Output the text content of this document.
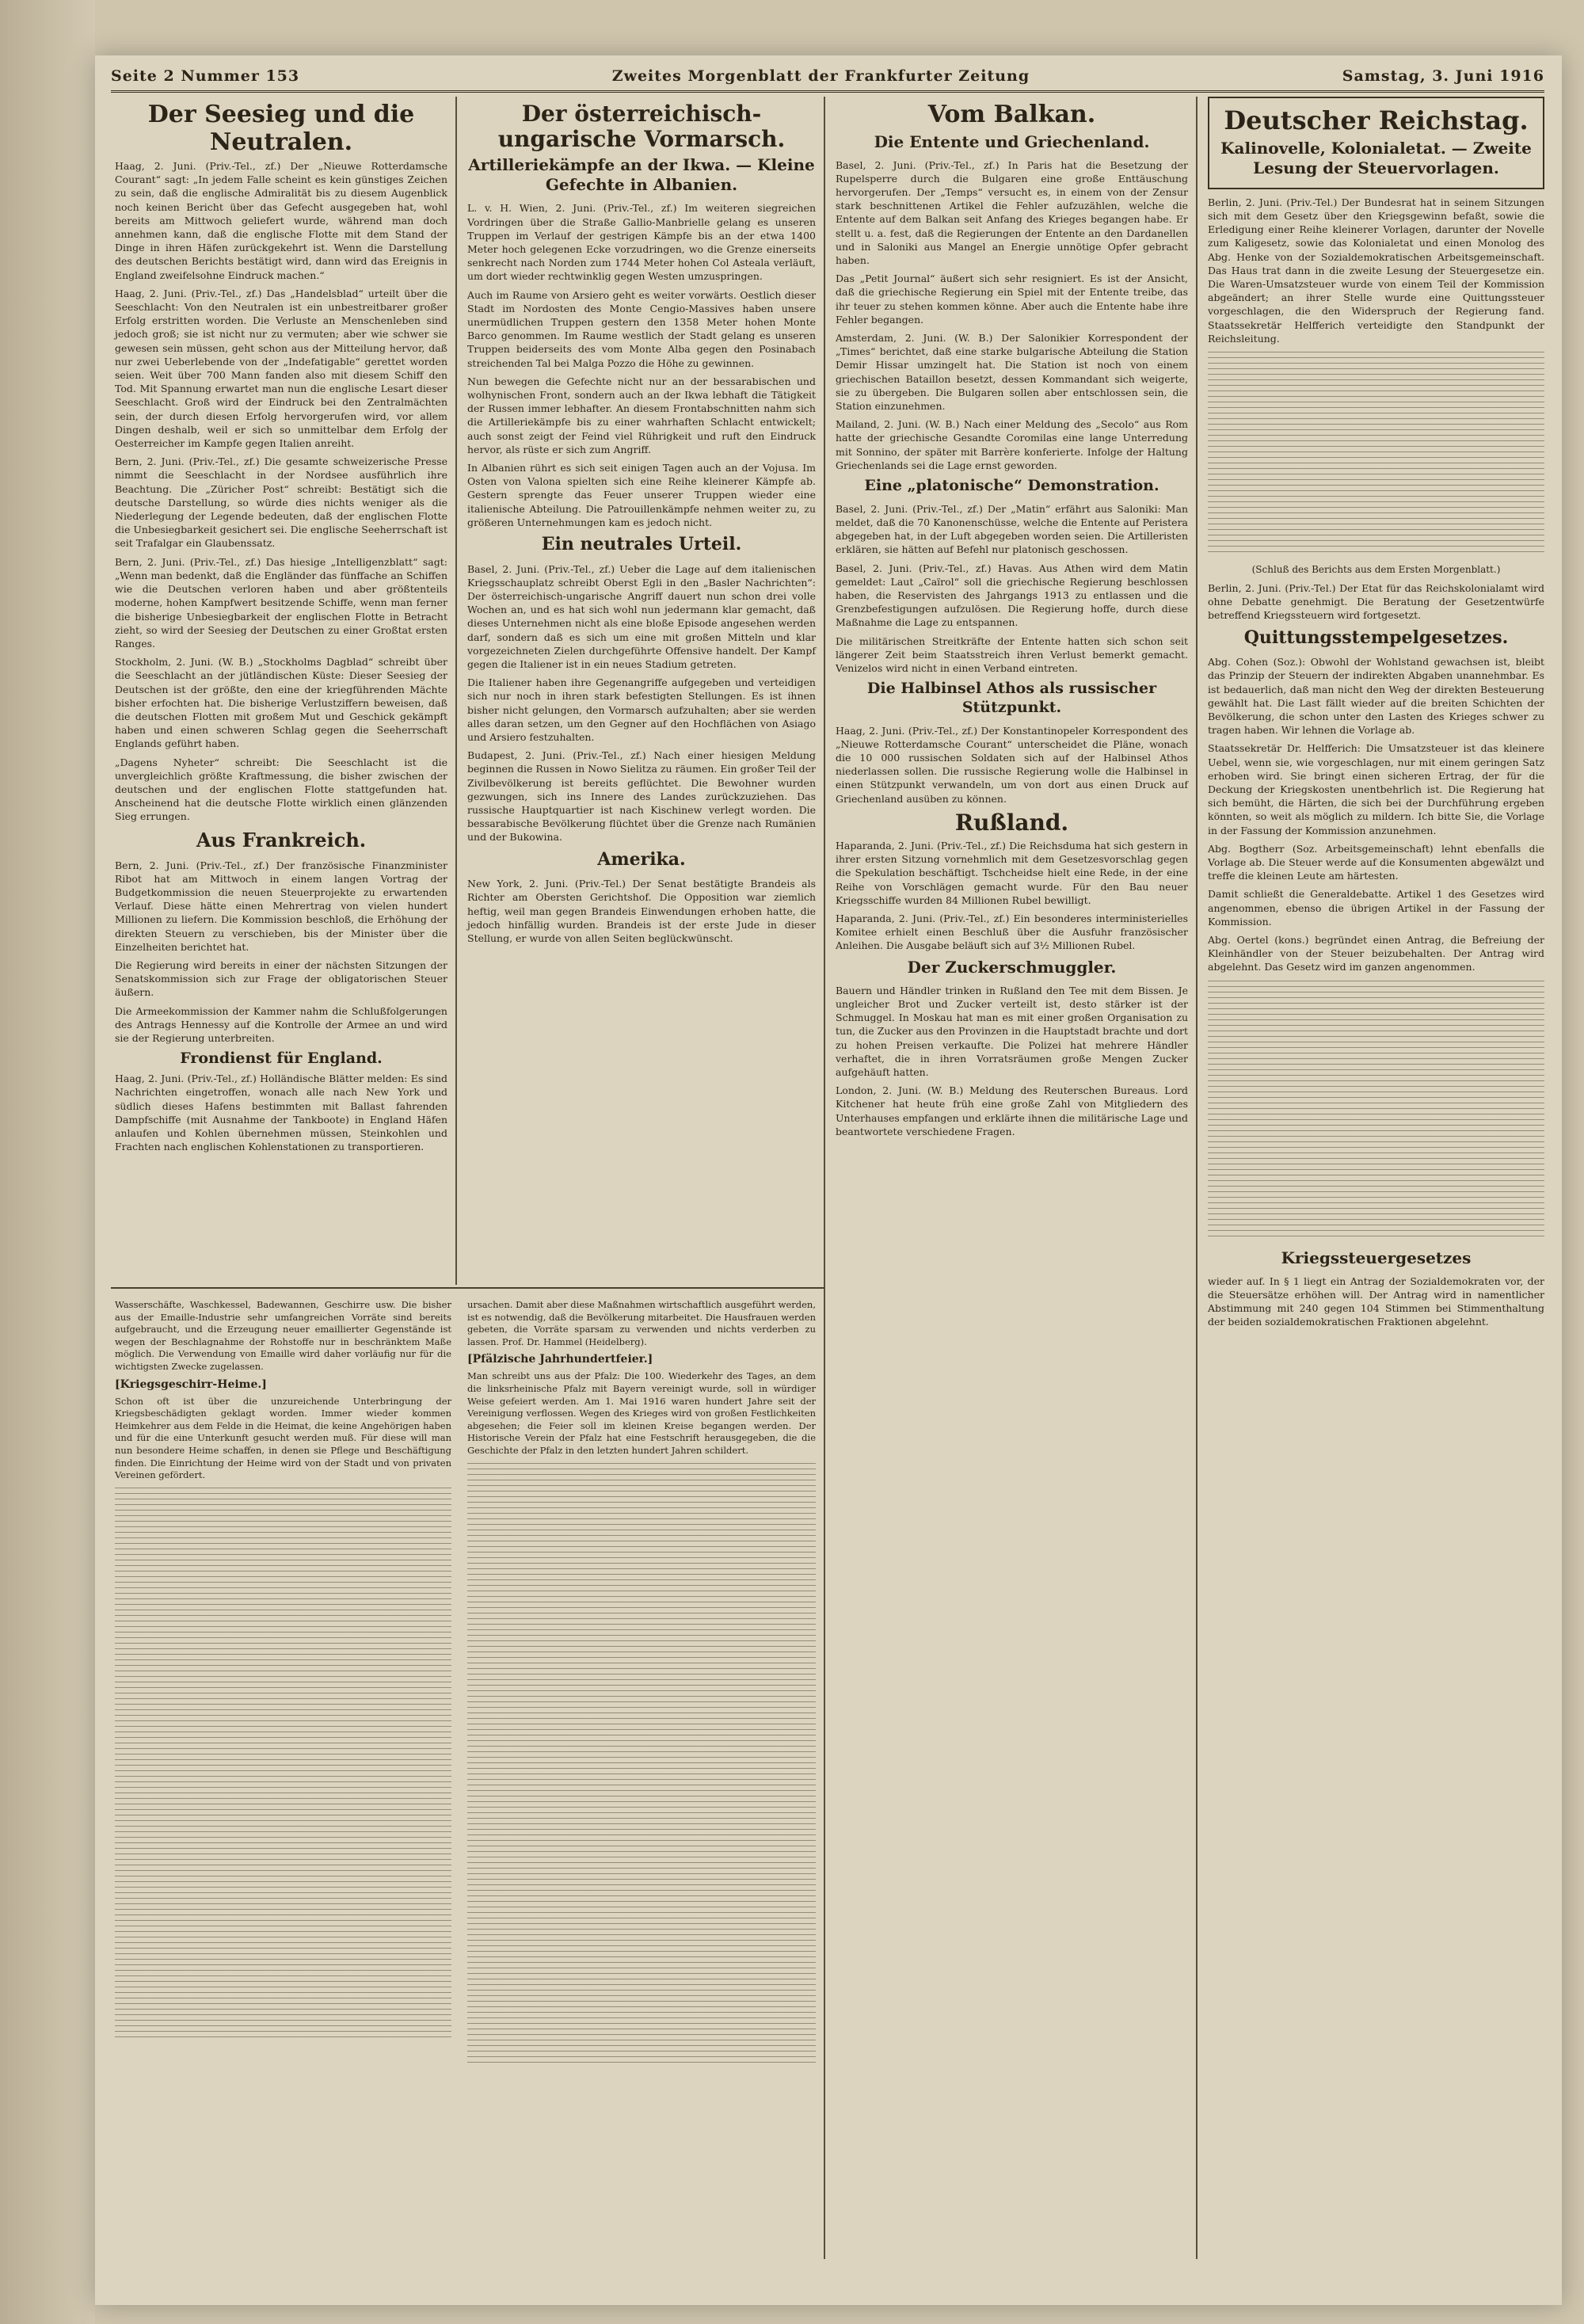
Seite 2 Nummer 153	Zweites Morgenblatt der Frankfurter Zeitung	Samstag, 3. Juni 1916
Der Seesieg und die Neutralen.

Haag, 2. Juni. (Priv.-Tel., zf.) Der „Nieuwe Rotterdamsche Courant“ sagt: „In jedem Falle scheint es kein günstiges Zeichen zu sein, daß die englische Admiralität bis zu diesem Augenblick noch keinen Bericht über das Gefecht ausgegeben hat, wohl bereits am Mittwoch geliefert wurde, während man doch annehmen kann, daß die englische Flotte mit dem Stand der Dinge in ihren Häfen zurückgekehrt ist. Wenn die Darstellung des deutschen Berichts bestätigt wird, dann wird das Ereignis in England zweifelsohne Eindruck machen.“

Haag, 2. Juni. (Priv.-Tel., zf.) Das „Handelsblad“ urteilt über die Seeschlacht: Von den Neutralen ist ein unbestreitbarer großer Erfolg erstritten worden. Die Verluste an Menschenleben sind jedoch groß; sie ist nicht nur zu vermuten; aber wie schwer sie gewesen sein müssen, geht schon aus der Mitteilung hervor, daß nur zwei Ueberlebende von der „Indefatigable“ gerettet worden seien. Weit über 700 Mann fanden also mit diesem Schiff den Tod. Mit Spannung erwartet man nun die englische Lesart dieser Seeschlacht. Groß wird der Eindruck bei den Zentralmächten sein, der durch diesen Erfolg hervorgerufen wird, vor allem Dingen deshalb, weil er sich so unmittelbar dem Erfolg der Oesterreicher im Kampfe gegen Italien anreiht.

Bern, 2. Juni. (Priv.-Tel., zf.) Die gesamte schweizerische Presse nimmt die Seeschlacht in der Nordsee ausführlich ihre Beachtung. Die „Züricher Post“ schreibt: Bestätigt sich die deutsche Darstellung, so würde dies nichts weniger als die Niederlegung der Legende bedeuten, daß der englischen Flotte die Unbesiegbarkeit gesichert sei. Die englische Seeherrschaft ist seit Trafalgar ein Glaubenssatz.

Bern, 2. Juni. (Priv.-Tel., zf.) Das hiesige „Intelligenzblatt“ sagt: „Wenn man bedenkt, daß die Engländer das fünffache an Schiffen wie die Deutschen verloren haben und aber größtenteils moderne, hohen Kampfwert besitzende Schiffe, wenn man ferner die bisherige Unbesiegbarkeit der englischen Flotte in Betracht zieht, so wird der Seesieg der Deutschen zu einer Großtat ersten Ranges.

Stockholm, 2. Juni. (W. B.) „Stockholms Dagblad“ schreibt über die Seeschlacht an der jütländischen Küste: Dieser Seesieg der Deutschen ist der größte, den eine der kriegführenden Mächte bisher erfochten hat. Die bisherige Verlustziffern beweisen, daß die deutschen Flotten mit großem Mut und Geschick gekämpft haben und einen schweren Schlag gegen die Seeherrschaft Englands geführt haben.

„Dagens Nyheter“ schreibt: Die Seeschlacht ist die unvergleichlich größte Kraftmessung, die bisher zwischen der deutschen und der englischen Flotte stattgefunden hat. Anscheinend hat die deutsche Flotte wirklich einen glänzenden Sieg errungen.

Aus Frankreich.

Bern, 2. Juni. (Priv.-Tel., zf.) Der französische Finanzminister Ribot hat am Mittwoch in einem langen Vortrag der Budgetkommission die neuen Steuerprojekte zu erwartenden Verlauf. Diese hätte einen Mehrertrag von vielen hundert Millionen zu liefern. Die Kommission beschloß, die Erhöhung der direkten Steuern zu verschieben, bis der Minister über die Einzelheiten berichtet hat.

Die Regierung wird bereits in einer der nächsten Sitzungen der Senatskommission sich zur Frage der obligatorischen Steuer äußern.

Die Armeekommission der Kammer nahm die Schlußfolgerungen des Antrags Hennessy auf die Kontrolle der Armee an und wird sie der Regierung unterbreiten.

Frondienst für England.

Haag, 2. Juni. (Priv.-Tel., zf.) Holländische Blätter melden: Es sind Nachrichten eingetroffen, wonach alle nach New York und südlich dieses Hafens bestimmten mit Ballast fahrenden Dampfschiffe (mit Ausnahme der Tankboote) in England Häfen anlaufen und Kohlen übernehmen müssen, Steinkohlen und Frachten nach englischen Kohlenstationen zu transportieren.

Der österreichisch-ungarische Vormarsch.
Artilleriekämpfe an der Ikwa. — Kleine Gefechte in Albanien.

L. v. H. Wien, 2. Juni. (Priv.-Tel., zf.) Im weiteren siegreichen Vordringen über die Straße Gallio-Manbrielle gelang es unseren Truppen im Verlauf der gestrigen Kämpfe bis an der etwa 1400 Meter hoch gelegenen Ecke vorzudringen, wo die Grenze einerseits senkrecht nach Norden zum 1744 Meter hohen Col Asteala verläuft, um dort wieder rechtwinklig gegen Westen umzuspringen.

Auch im Raume von Arsiero geht es weiter vorwärts. Oestlich dieser Stadt im Nordosten des Monte Cengio-Massives haben unsere unermüdlichen Truppen gestern den 1358 Meter hohen Monte Barco genommen. Im Raume westlich der Stadt gelang es unseren Truppen beiderseits des vom Monte Alba gegen den Posinabach streichenden Tal bei Malga Pozzo die Höhe zu gewinnen.

Nun bewegen die Gefechte nicht nur an der bessarabischen und wolhynischen Front, sondern auch an der Ikwa lebhaft die Tätigkeit der Russen immer lebhafter. An diesem Frontabschnitten nahm sich die Artilleriekämpfe bis zu einer wahrhaften Schlacht entwickelt; auch sonst zeigt der Feind viel Rührigkeit und ruft den Eindruck hervor, als rüste er sich zum Angriff.

In Albanien rührt es sich seit einigen Tagen auch an der Vojusa. Im Osten von Valona spielten sich eine Reihe kleinerer Kämpfe ab. Gestern sprengte das Feuer unserer Truppen wieder eine italienische Abteilung. Die Patrouillenkämpfe nehmen weiter zu, zu größeren Unternehmungen kam es jedoch nicht.

Ein neutrales Urteil.

Basel, 2. Juni. (Priv.-Tel., zf.) Ueber die Lage auf dem italienischen Kriegsschauplatz schreibt Oberst Egli in den „Basler Nachrichten“: Der österreichisch-ungarische Angriff dauert nun schon drei volle Wochen an, und es hat sich wohl nun jedermann klar gemacht, daß dieses Unternehmen nicht als eine bloße Episode angesehen werden darf, sondern daß es sich um eine mit großen Mitteln und klar vorgezeichneten Zielen durchgeführte Offensive handelt. Der Kampf gegen die Italiener ist in ein neues Stadium getreten.

Die Italiener haben ihre Gegenangriffe aufgegeben und verteidigen sich nur noch in ihren stark befestigten Stellungen. Es ist ihnen bisher nicht gelungen, den Vormarsch aufzuhalten; aber sie werden alles daran setzen, um den Gegner auf den Hochflächen von Asiago und Arsiero festzuhalten.

Budapest, 2. Juni. (Priv.-Tel., zf.) Nach einer hiesigen Meldung beginnen die Russen in Nowo Sielitza zu räumen. Ein großer Teil der Zivilbevölkerung ist bereits geflüchtet. Die Bewohner wurden gezwungen, sich ins Innere des Landes zurückzuziehen. Das russische Hauptquartier ist nach Kischinew verlegt worden. Die bessarabische Bevölkerung flüchtet über die Grenze nach Rumänien und der Bukowina.

Amerika.

New York, 2. Juni. (Priv.-Tel.) Der Senat bestätigte Brandeis als Richter am Obersten Gerichtshof. Die Opposition war ziemlich heftig, weil man gegen Brandeis Einwendungen erhoben hatte, die jedoch hinfällig wurden. Brandeis ist der erste Jude in dieser Stellung, er wurde von allen Seiten beglückwünscht.

Wasserschäfte, Waschkessel, Badewannen, Geschirre usw. Die bisher aus der Emaille-Industrie sehr umfangreichen Vorräte sind bereits aufgebraucht, und die Erzeugung neuer emaillierter Gegenstände ist wegen der Beschlagnahme der Rohstoffe nur in beschränktem Maße möglich. Die Verwendung von Emaille wird daher vorläufig nur für die wichtigsten Zwecke zugelassen.

[Kriegsgeschirr-Heime.]

Schon oft ist über die unzureichende Unterbringung der Kriegsbeschädigten geklagt worden. Immer wieder kommen Heimkehrer aus dem Felde in die Heimat, die keine Angehörigen haben und für die eine Unterkunft gesucht werden muß. Für diese will man nun besondere Heime schaffen, in denen sie Pflege und Beschäftigung finden. Die Einrichtung der Heime wird von der Stadt und von privaten Vereinen gefördert.

ursachen. Damit aber diese Maßnahmen wirtschaftlich ausgeführt werden, ist es notwendig, daß die Bevölkerung mitarbeitet. Die Hausfrauen werden gebeten, die Vorräte sparsam zu verwenden und nichts verderben zu lassen. Prof. Dr. Hammel (Heidelberg).

[Pfälzische Jahrhundertfeier.]

Man schreibt uns aus der Pfalz: Die 100. Wiederkehr des Tages, an dem die linksrheinische Pfalz mit Bayern vereinigt wurde, soll in würdiger Weise gefeiert werden. Am 1. Mai 1916 waren hundert Jahre seit der Vereinigung verflossen. Wegen des Krieges wird von großen Festlichkeiten abgesehen; die Feier soll im kleinen Kreise begangen werden. Der Historische Verein der Pfalz hat eine Festschrift herausgegeben, die die Geschichte der Pfalz in den letzten hundert Jahren schildert.

Vom Balkan.
Die Entente und Griechenland.

Basel, 2. Juni. (Priv.-Tel., zf.) In Paris hat die Besetzung der Rupelsperre durch die Bulgaren eine große Enttäuschung hervorgerufen. Der „Temps“ versucht es, in einem von der Zensur stark beschnittenen Artikel die Fehler aufzuzählen, welche die Entente auf dem Balkan seit Anfang des Krieges begangen habe. Er stellt u. a. fest, daß die Regierungen der Entente an den Dardanellen und in Saloniki aus Mangel an Energie unnötige Opfer gebracht haben.

Das „Petit Journal“ äußert sich sehr resigniert. Es ist der Ansicht, daß die griechische Regierung ein Spiel mit der Entente treibe, das ihr teuer zu stehen kommen könne. Aber auch die Entente habe ihre Fehler begangen.

Amsterdam, 2. Juni. (W. B.) Der Salonikier Korrespondent der „Times“ berichtet, daß eine starke bulgarische Abteilung die Station Demir Hissar umzingelt hat. Die Station ist noch von einem griechischen Bataillon besetzt, dessen Kommandant sich weigerte, sie zu übergeben. Die Bulgaren sollen aber entschlossen sein, die Station einzunehmen.

Mailand, 2. Juni. (W. B.) Nach einer Meldung des „Secolo“ aus Rom hatte der griechische Gesandte Coromilas eine lange Unterredung mit Sonnino, der später mit Barrère konferierte. Infolge der Haltung Griechenlands sei die Lage ernst geworden.

Eine „platonische“ Demonstration.

Basel, 2. Juni. (Priv.-Tel., zf.) Der „Matin“ erfährt aus Saloniki: Man meldet, daß die 70 Kanonenschüsse, welche die Entente auf Peristera abgegeben hat, in der Luft abgegeben worden seien. Die Artilleristen erklären, sie hätten auf Befehl nur platonisch geschossen.

Basel, 2. Juni. (Priv.-Tel., zf.) Havas. Aus Athen wird dem Matin gemeldet: Laut „Caïrol“ soll die griechische Regierung beschlossen haben, die Reservisten des Jahrgangs 1913 zu entlassen und die Grenzbefestigungen aufzulösen. Die Regierung hoffe, durch diese Maßnahme die Lage zu entspannen.

Die militärischen Streitkräfte der Entente hatten sich schon seit längerer Zeit beim Staatsstreich ihren Verlust bemerkt gemacht. Venizelos wird nicht in einen Verband eintreten.

Die Halbinsel Athos als russischer Stützpunkt.

Haag, 2. Juni. (Priv.-Tel., zf.) Der Konstantinopeler Korrespondent des „Nieuwe Rotterdamsche Courant“ unterscheidet die Pläne, wonach die 10 000 russischen Soldaten sich auf der Halbinsel Athos niederlassen sollen. Die russische Regierung wolle die Halbinsel in einen Stützpunkt verwandeln, um von dort aus einen Druck auf Griechenland ausüben zu können.

Rußland.

Haparanda, 2. Juni. (Priv.-Tel., zf.) Die Reichsduma hat sich gestern in ihrer ersten Sitzung vornehmlich mit dem Gesetzesvorschlag gegen die Spekulation beschäftigt. Tschcheidse hielt eine Rede, in der eine Reihe von Vorschlägen gemacht wurde. Für den Bau neuer Kriegsschiffe wurden 84 Millionen Rubel bewilligt.

Haparanda, 2. Juni. (Priv.-Tel., zf.) Ein besonderes interministerielles Komitee erhielt einen Beschluß über die Ausfuhr französischer Anleihen. Die Ausgabe beläuft sich auf 3½ Millionen Rubel.

Der Zuckerschmuggler.

Bauern und Händler trinken in Rußland den Tee mit dem Bissen. Je ungleicher Brot und Zucker verteilt ist, desto stärker ist der Schmuggel. In Moskau hat man es mit einer großen Organisation zu tun, die Zucker aus den Provinzen in die Hauptstadt brachte und dort zu hohen Preisen verkaufte. Die Polizei hat mehrere Händler verhaftet, die in ihren Vorratsräumen große Mengen Zucker aufgehäuft hatten.

London, 2. Juni. (W. B.) Meldung des Reuterschen Bureaus. Lord Kitchener hat heute früh eine große Zahl von Mitgliedern des Unterhauses empfangen und erklärte ihnen die militärische Lage und beantwortete verschiedene Fragen.

Deutscher Reichstag.
Kalinovelle, Kolonialetat. — Zweite Lesung der Steuervorlagen.

Berlin, 2. Juni. (Priv.-Tel.) Der Bundesrat hat in seinem Sitzungen sich mit dem Gesetz über den Kriegsgewinn befaßt, sowie die Erledigung einer Reihe kleinerer Vorlagen, darunter der Novelle zum Kaligesetz, sowie das Kolonialetat und einen Monolog des Abg. Henke von der Sozialdemokratischen Arbeitsgemeinschaft. Das Haus trat dann in die zweite Lesung der Steuergesetze ein. Die Waren-Umsatzsteuer wurde von einem Teil der Kommission abgeändert; an ihrer Stelle wurde eine Quittungssteuer vorgeschlagen, die den Widerspruch der Regierung fand. Staatssekretär Helfferich verteidigte den Standpunkt der Reichsleitung.

(Schluß des Berichts aus dem Ersten Morgenblatt.)

Berlin, 2. Juni. (Priv.-Tel.) Der Etat für das Reichskolonialamt wird ohne Debatte genehmigt. Die Beratung der Gesetzentwürfe betreffend Kriegssteuern wird fortgesetzt.

Quittungsstempelgesetzes.

Abg. Cohen (Soz.): Obwohl der Wohlstand gewachsen ist, bleibt das Prinzip der Steuern der indirekten Abgaben unannehmbar. Es ist bedauerlich, daß man nicht den Weg der direkten Besteuerung gewählt hat. Die Last fällt wieder auf die breiten Schichten der Bevölkerung, die schon unter den Lasten des Krieges schwer zu tragen haben. Wir lehnen die Vorlage ab.

Staatssekretär Dr. Helfferich: Die Umsatzsteuer ist das kleinere Uebel, wenn sie, wie vorgeschlagen, nur mit einem geringen Satz erhoben wird. Sie bringt einen sicheren Ertrag, der für die Deckung der Kriegskosten unentbehrlich ist. Die Regierung hat sich bemüht, die Härten, die sich bei der Durchführung ergeben könnten, so weit als möglich zu mildern. Ich bitte Sie, die Vorlage in der Fassung der Kommission anzunehmen.

Abg. Bogtherr (Soz. Arbeitsgemeinschaft) lehnt ebenfalls die Vorlage ab. Die Steuer werde auf die Konsumenten abgewälzt und treffe die kleinen Leute am härtesten.

Damit schließt die Generaldebatte. Artikel 1 des Gesetzes wird angenommen, ebenso die übrigen Artikel in der Fassung der Kommission.

Abg. Oertel (kons.) begründet einen Antrag, die Befreiung der Kleinhändler von der Steuer beizubehalten. Der Antrag wird abgelehnt. Das Gesetz wird im ganzen angenommen.

Kriegssteuergesetzes

wieder auf. In § 1 liegt ein Antrag der Sozialdemokraten vor, der die Steuersätze erhöhen will. Der Antrag wird in namentlicher Abstimmung mit 240 gegen 104 Stimmen bei Stimmenthaltung der beiden sozialdemokratischen Fraktionen abgelehnt.
